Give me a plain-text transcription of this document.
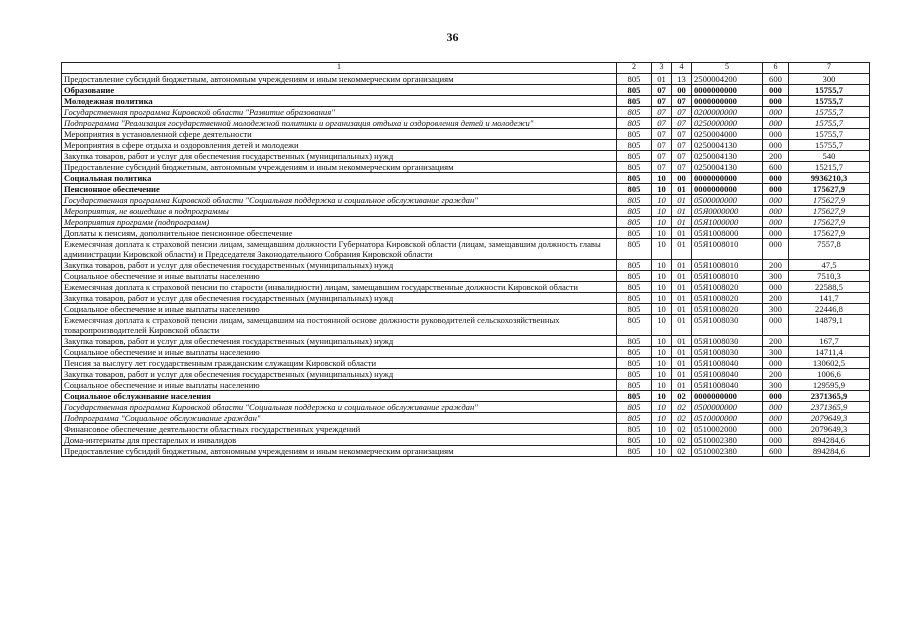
36
1	2	3	4	5	6	7
Предоставление субсидий бюджетным, автономным учреждениям и иным некоммерческим организациям	805	01	13	2500004200	600	300
Образование	805	07	00	0000000000	000	15755,7
Молодежная политика	805	07	07	0000000000	000	15755,7
Государственная программа Кировской области "Развитие образования"	805	07	07	0200000000	000	15755,7
Подпрограмма "Реализация государственной молодежной политики и организация отдыха и оздоровления детей и молодежи"	805	07	07	0250000000	000	15755,7
Мероприятия в установленной сфере деятельности	805	07	07	0250004000	000	15755,7
Мероприятия в сфере отдыха и оздоровления детей и молодежи	805	07	07	0250004130	000	15755,7
Закупка товаров, работ и услуг для обеспечения государственных (муниципальных) нужд	805	07	07	0250004130	200	540
Предоставление субсидий бюджетным, автономным учреждениям и иным некоммерческим организациям	805	07	07	0250004130	600	15215,7
Социальная политика	805	10	00	0000000000	000	9936210,3
Пенсионное обеспечение	805	10	01	0000000000	000	175627,9
Государственная программа Кировской области "Социальная поддержка и социальное обслуживание граждан"	805	10	01	0500000000	000	175627,9
Мероприятия, не вошедшие в подпрограммы	805	10	01	05Я0000000	000	175627,9
Мероприятия программ (подпрограмм)	805	10	01	05Я1000000	000	175627,9
Доплаты к пенсиям, дополнительное пенсионное обеспечение	805	10	01	05Я1008000	000	175627,9
Ежемесячная доплата к страховой пенсии лицам, замещавшим должности Губернатора Кировской области (лицам, замещавшим должность главы администрации Кировской области) и Председателя Законодательного Собрания Кировской области	805	10	01	05Я1008010	000	7557,8
Закупка товаров, работ и услуг для обеспечения государственных (муниципальных) нужд	805	10	01	05Я1008010	200	47,5
Социальное обеспечение и иные выплаты населению	805	10	01	05Я1008010	300	7510,3
Ежемесячная доплата к страховой пенсии по старости (инвалидности) лицам, замещавшим государственные должности Кировской области	805	10	01	05Я1008020	000	22588,5
Закупка товаров, работ и услуг для обеспечения государственных (муниципальных) нужд	805	10	01	05Я1008020	200	141,7
Социальное обеспечение и иные выплаты населению	805	10	01	05Я1008020	300	22446,8
Ежемесячная доплата к страховой пенсии лицам, замещавшим на постоянной основе должности руководителей сельскохозяйственных товаропроизводителей Кировской области	805	10	01	05Я1008030	000	14879,1
Закупка товаров, работ и услуг для обеспечения государственных (муниципальных) нужд	805	10	01	05Я1008030	200	167,7
Социальное обеспечение и иные выплаты населению	805	10	01	05Я1008030	300	14711,4
Пенсия за выслугу лет государственным гражданским служащим Кировской области	805	10	01	05Я1008040	000	130602,5
Закупка товаров, работ и услуг для обеспечения государственных (муниципальных) нужд	805	10	01	05Я1008040	200	1006,6
Социальное обеспечение и иные выплаты населению	805	10	01	05Я1008040	300	129595,9
Социальное обслуживание населения	805	10	02	0000000000	000	2371365,9
Государственная программа Кировской области "Социальная поддержка и социальное обслуживание граждан"	805	10	02	0500000000	000	2371365,9
Подпрограмма "Социальное обслуживание граждан"	805	10	02	0510000000	000	2079649,3
Финансовое обеспечение деятельности областных государственных учреждений	805	10	02	0510002000	000	2079649,3
Дома-интернаты для престарелых и инвалидов	805	10	02	0510002380	000	894284,6
Предоставление субсидий бюджетным, автономным учреждениям и иным некоммерческим организациям	805	10	02	0510002380	600	894284,6
